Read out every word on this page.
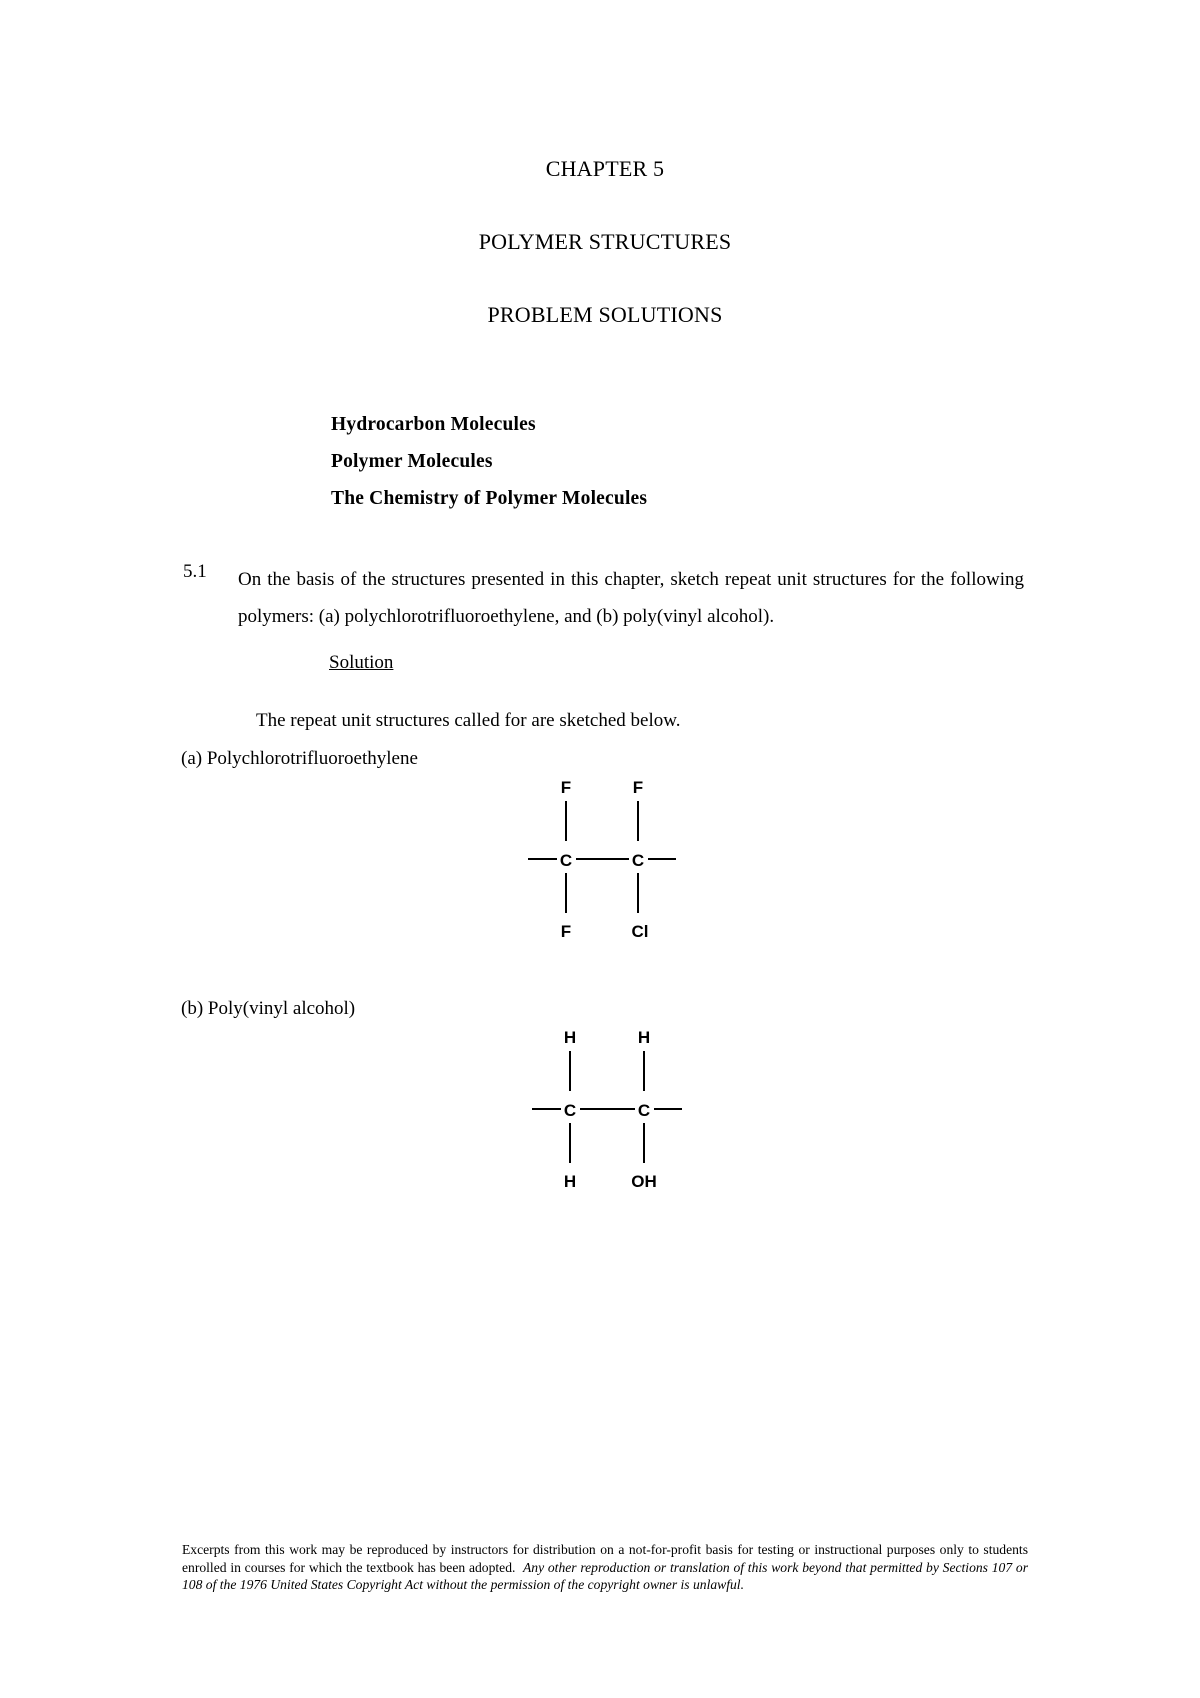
CHAPTER 5
POLYMER STRUCTURES
PROBLEM SOLUTIONS
Hydrocarbon Molecules
Polymer Molecules
The Chemistry of Polymer Molecules
5.1 On the basis of the structures presented in this chapter, sketch repeat unit structures for the following polymers: (a) polychlorotrifluoroethylene, and (b) poly(vinyl alcohol).
Solution
The repeat unit structures called for are sketched below.
(a) Polychlorotrifluoroethylene
F	F
C	C
F	Cl
(b) Poly(vinyl alcohol)
H	H
C	C
H	OH
Excerpts from this work may be reproduced by instructors for distribution on a not-for-profit basis for testing or instructional purposes only to students enrolled in courses for which the textbook has been adopted. Any other reproduction or translation of this work beyond that permitted by Sections 107 or 108 of the 1976 United States Copyright Act without the permission of the copyright owner is unlawful.
